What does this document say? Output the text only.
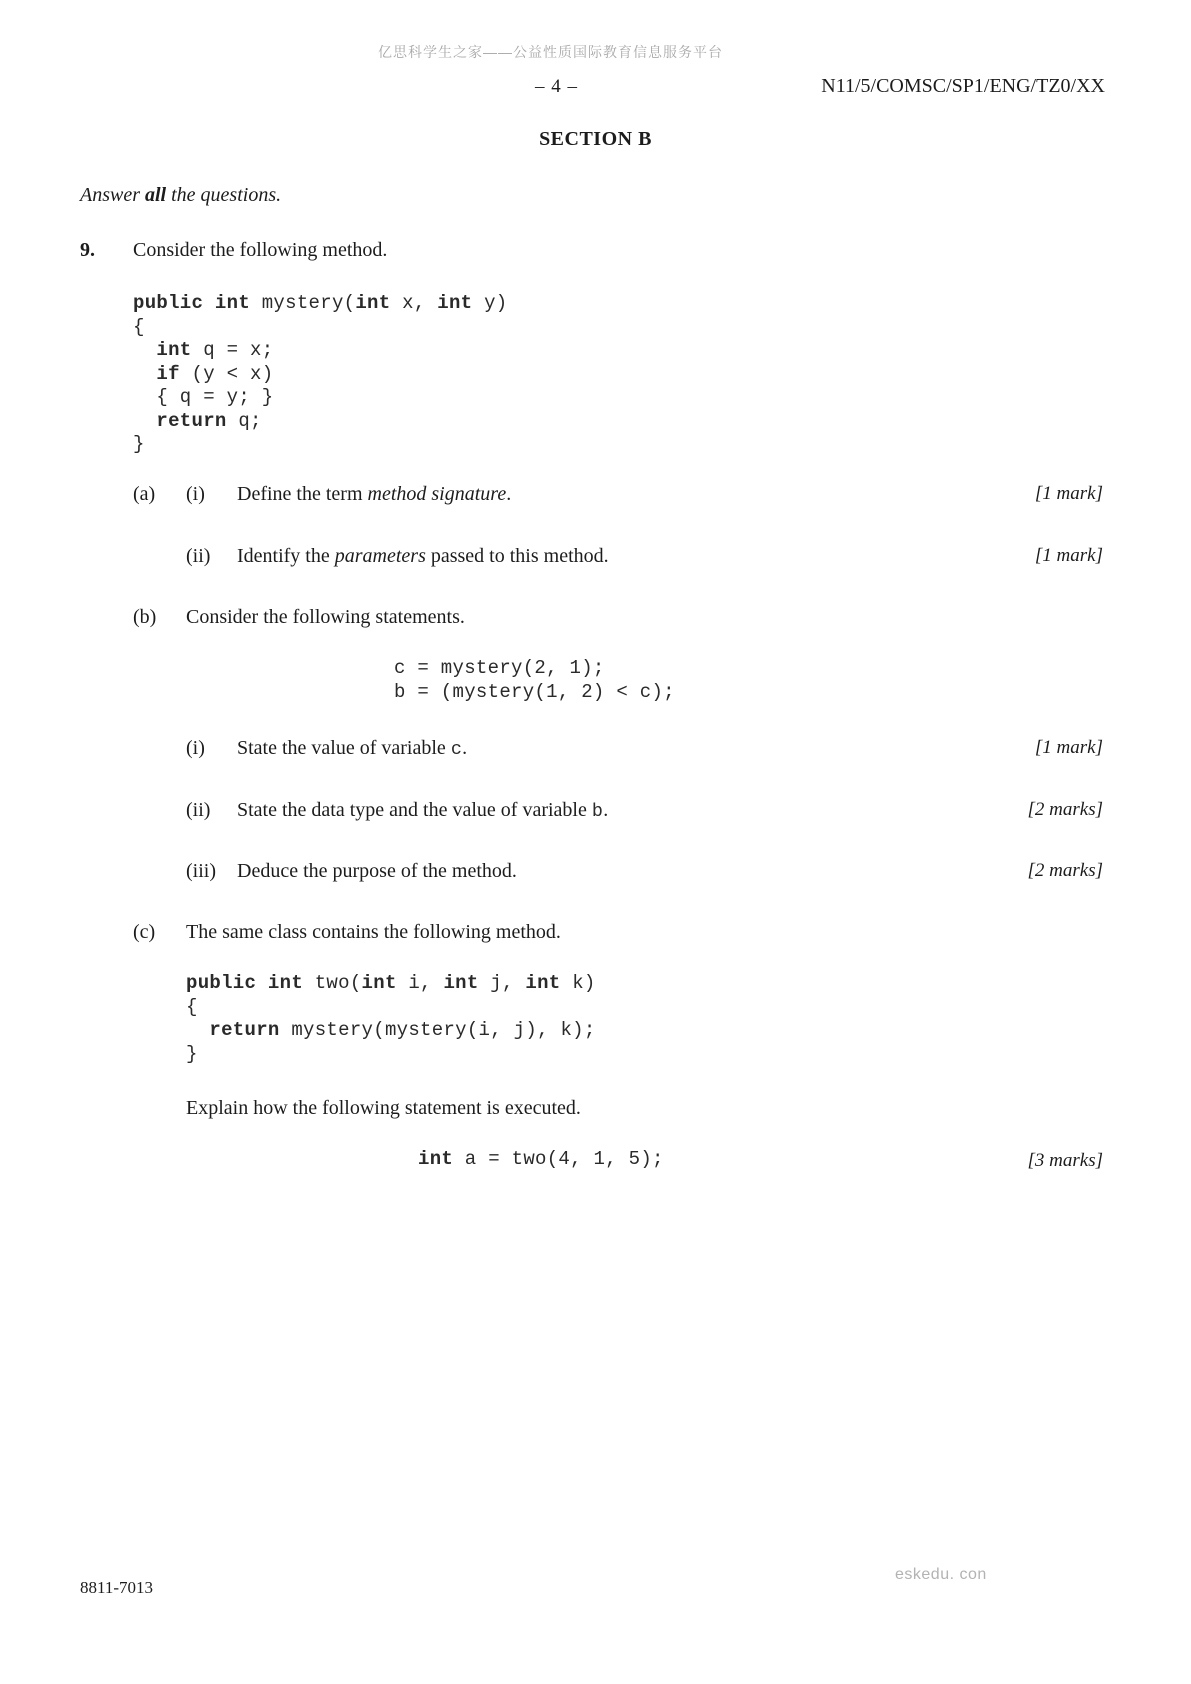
亿思科学生之家——公益性质国际教育信息服务平台
– 4 –	N11/5/COMSC/SP1/ENG/TZ0/XX
SECTION B
Answer all the questions.
9.	Consider the following method.
public int mystery(int x, int y)
{
int q = x;
if (y < x)
{ q = y; }
return q;
}
(a)	(i)	Define the term method signature.	[1 mark]
(ii)	Identify the parameters passed to this method.	[1 mark]
(b)	Consider the following statements.
c = mystery(2, 1);
b = (mystery(1, 2) < c);
(i)	State the value of variable c.	[1 mark]
(ii)	State the data type and the value of variable b.	[2 marks]
(iii)	Deduce the purpose of the method.	[2 marks]
(c)	The same class contains the following method.
public int two(int i, int j, int k)
{
return mystery(mystery(i, j), k);
}
Explain how the following statement is executed.
int a = two(4, 1, 5);	[3 marks]
8811-7013
eskedu. con
